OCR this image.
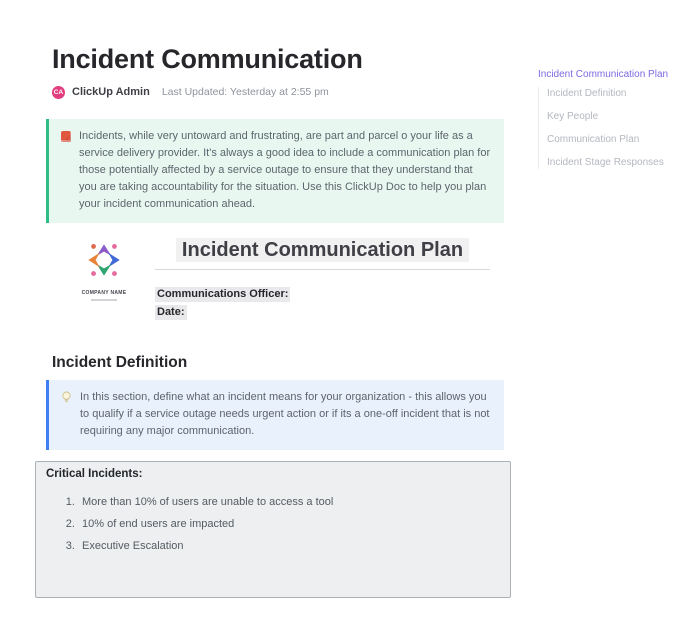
Incident Communication
CA ClickUp Admin Last Updated: Yesterday at 2:55 pm

Incidents, while very untoward and frustrating, are part and parcel o your life as a service delivery provider. It's always a good idea to include a communication plan for those potentially affected by a service outage to ensure that they understand that you are taking accountability for the situation. Use this ClickUp Doc to help you plan your incident communication ahead.

Incident Communication Plan
Incident Definition
Key People
Communication Plan
Incident Stage Responses
COMPANY NAME
Incident Communication Plan

Communications Officer:

Date:

Incident Definition

In this section, define what an incident means for your organization - this allows you to qualify if a service outage needs urgent action or if its a one-off incident that is not requiring any major communication.

Critical Incidents:
1. More than 10% of users are unable to access a tool
2. 10% of end users are impacted
3. Executive Escalation
